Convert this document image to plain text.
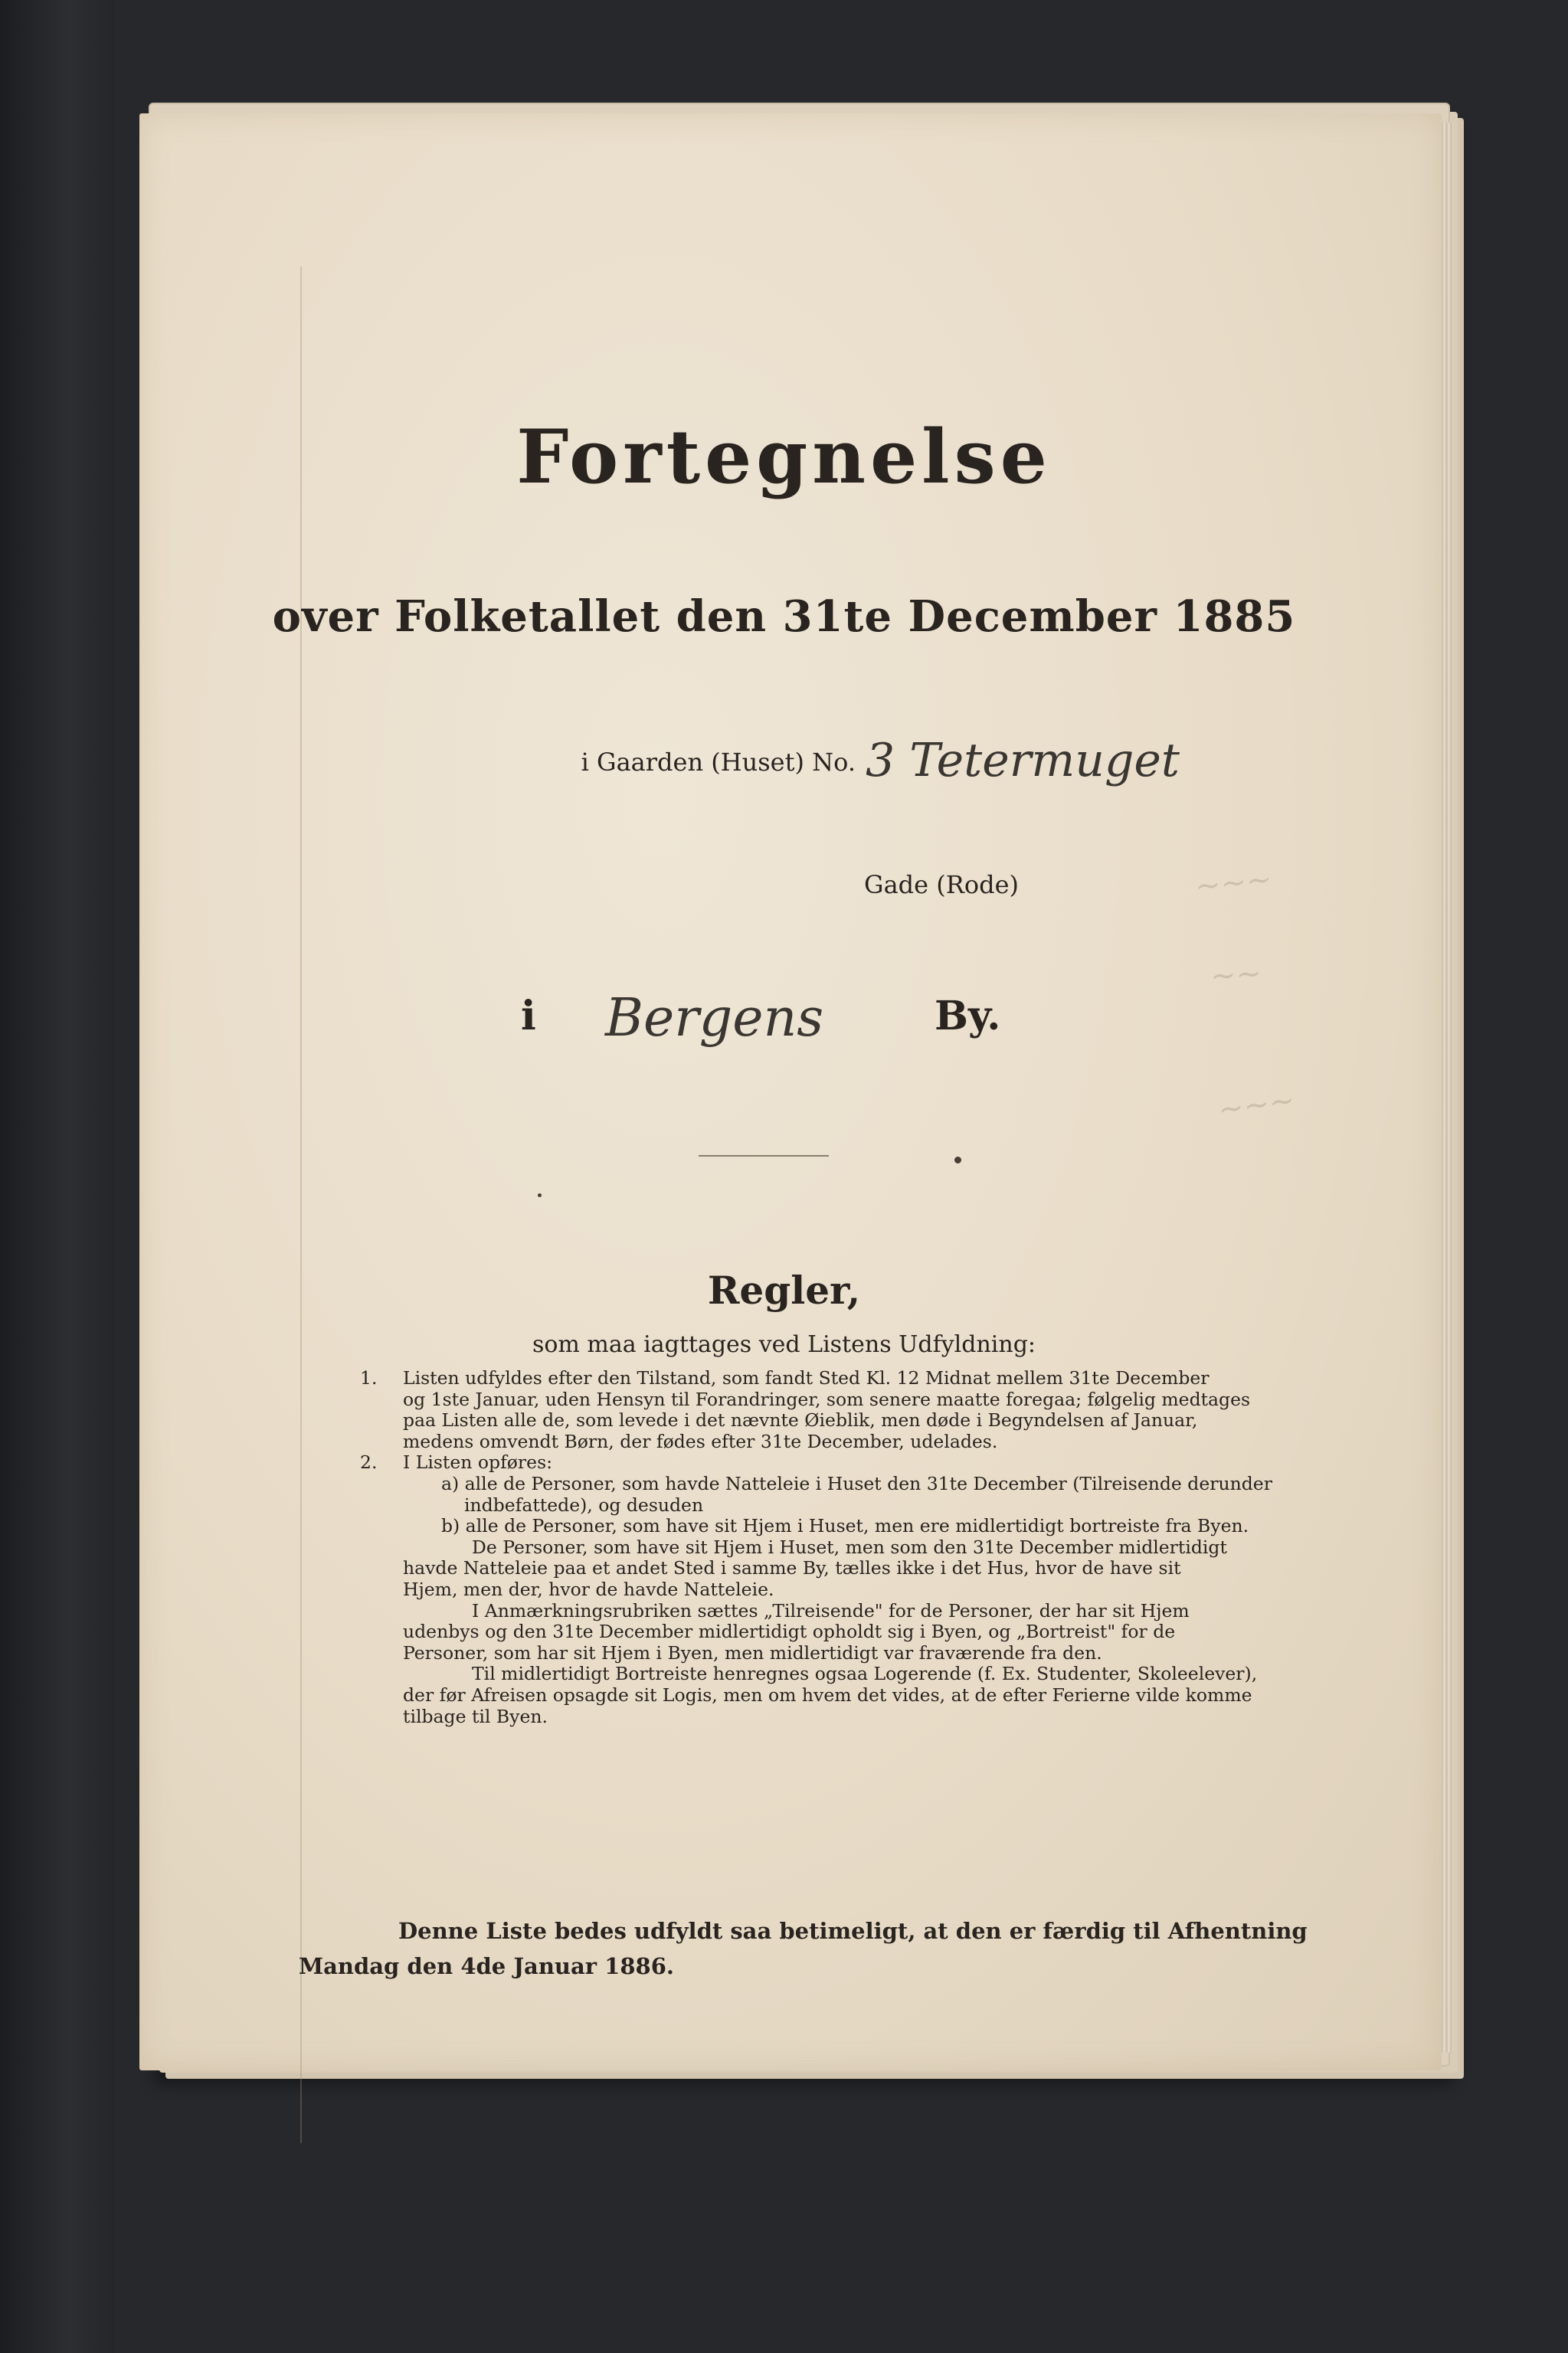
~~~
~~
~~~
Fortegnelse
over Folketallet den 31te December 1885
i Gaarden (Huset) No. 3 Tetermuget
Gade (Rode)
i Bergens	By.
Regler,
som maa iagttages ved Listens Udfyldning:
1. Listen udfyldes efter den Tilstand, som fandt Sted Kl. 12 Midnat mellem 31te December
og 1ste Januar, uden Hensyn til Forandringer, som senere maatte foregaa; følgelig medtages
paa Listen alle de, som levede i det nævnte Øieblik, men døde i Begyndelsen af Januar,
medens omvendt Børn, der fødes efter 31te December, udelades.
2. I Listen opføres:
a) alle de Personer, som havde Natteleie i Huset den 31te December (Tilreisende derunder
indbefattede), og desuden
b) alle de Personer, som have sit Hjem i Huset, men ere midlertidigt bortreiste fra Byen.
De Personer, som have sit Hjem i Huset, men som den 31te December midlertidigt
havde Natteleie paa et andet Sted i samme By, tælles ikke i det Hus, hvor de have sit
Hjem, men der, hvor de havde Natteleie.
I Anmærkningsrubriken sættes „Tilreisende" for de Personer, der har sit Hjem
udenbys og den 31te December midlertidigt opholdt sig i Byen, og „Bortreist" for de
Personer, som har sit Hjem i Byen, men midlertidigt var fraværende fra den.
Til midlertidigt Bortreiste henregnes ogsaa Logerende (f. Ex. Studenter, Skoleelever),
der før Afreisen opsagde sit Logis, men om hvem det vides, at de efter Ferierne vilde komme
tilbage til Byen.
Denne Liste bedes udfyldt saa betimeligt, at den er færdig til Afhentning
Mandag den 4de Januar 1886.
